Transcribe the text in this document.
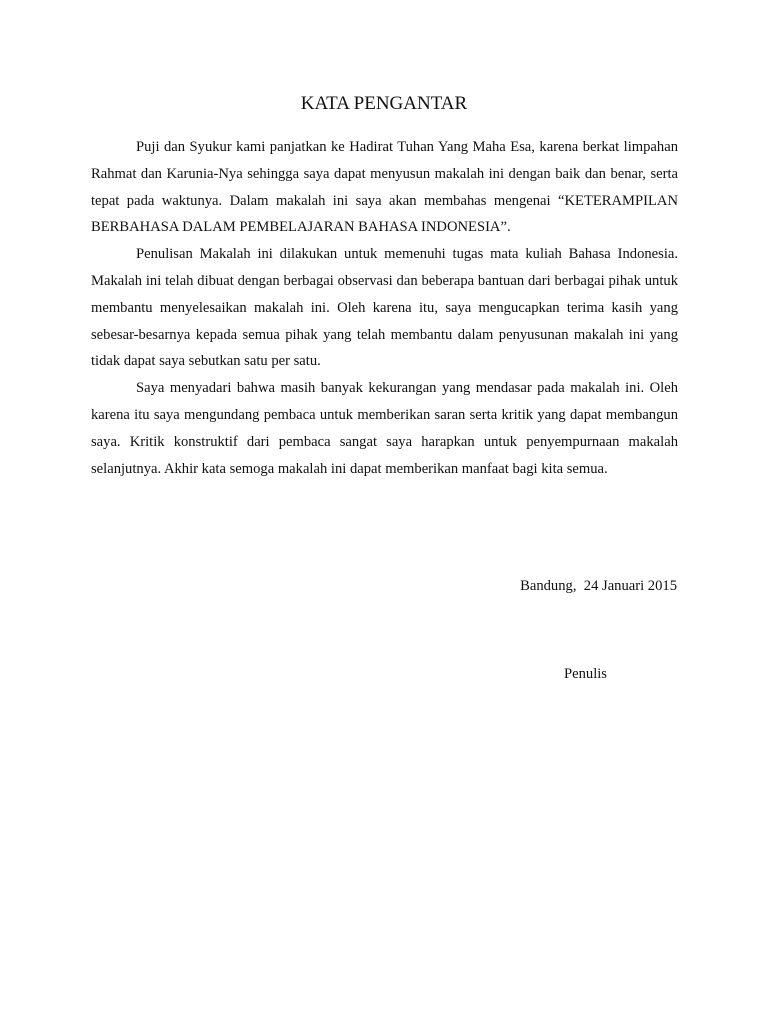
KATA PENGANTAR

Puji dan Syukur kami panjatkan ke Hadirat Tuhan Yang Maha Esa, karena berkat limpahan Rahmat dan Karunia-Nya sehingga saya dapat menyusun makalah ini dengan baik dan benar, serta tepat pada waktunya. Dalam makalah ini saya akan membahas mengenai “KETERAMPILAN BERBAHASA DALAM PEMBELAJARAN BAHASA INDONESIA”.

Penulisan Makalah ini dilakukan untuk memenuhi tugas mata kuliah Bahasa Indonesia. Makalah ini telah dibuat dengan berbagai observasi dan beberapa bantuan dari berbagai pihak untuk membantu menyelesaikan makalah ini. Oleh karena itu, saya mengucapkan terima kasih yang sebesar-besarnya kepada semua pihak yang telah membantu dalam penyusunan makalah ini yang tidak dapat saya sebutkan satu per satu.

Saya menyadari bahwa masih banyak kekurangan yang mendasar pada makalah ini. Oleh karena itu saya mengundang pembaca untuk memberikan saran serta kritik yang dapat membangun saya. Kritik konstruktif dari pembaca sangat saya harapkan untuk penyempurnaan makalah selanjutnya. Akhir kata semoga makalah ini dapat memberikan manfaat bagi kita semua.

Bandung,  24 Januari 2015
Penulis
